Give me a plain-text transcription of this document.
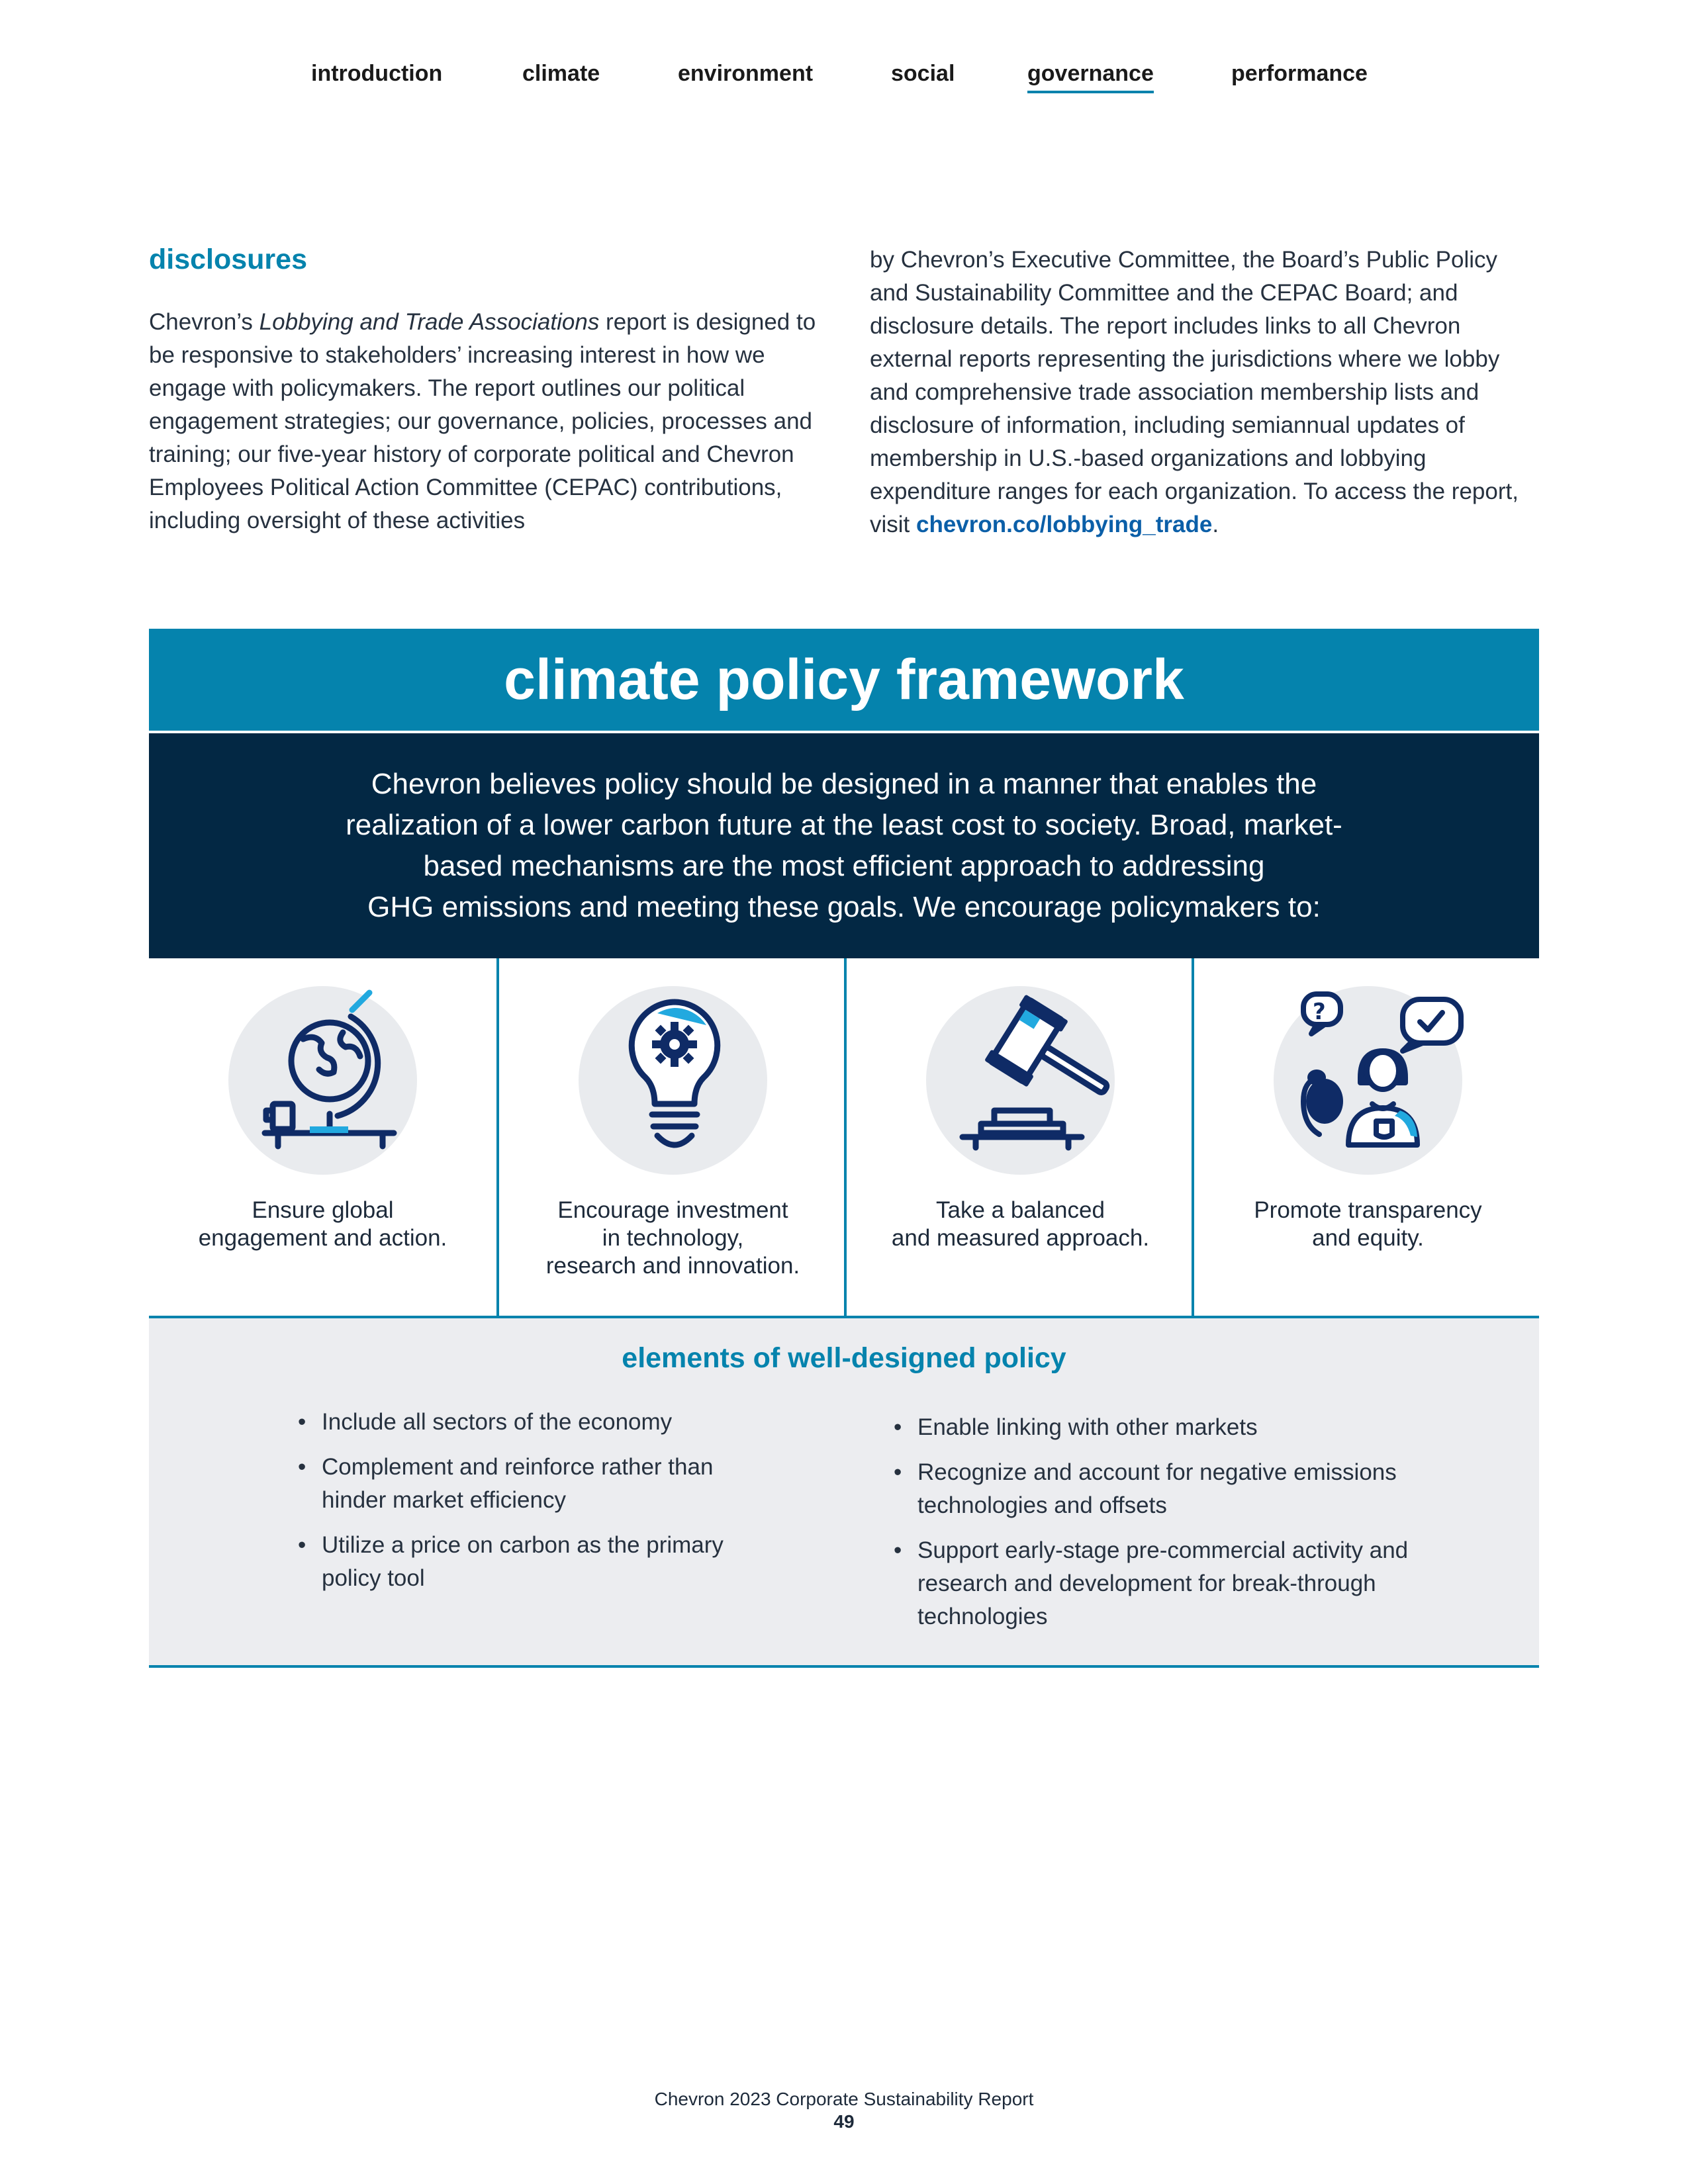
introduction	climate	environment	social	governance	performance
disclosures

Chevron’s Lobbying and Trade Associations report is designed to be responsive to stakeholders’ increasing interest in how we engage with policymakers. The report outlines our political engagement strategies; our governance, policies, processes and training; our five-year history of corporate political and Chevron Employees Political Action Committee (CEPAC) contributions, including oversight of these activities

by Chevron’s Executive Committee, the Board’s Public Policy and Sustainability Committee and the CEPAC Board; and disclosure details. The report includes links to all Chevron external reports representing the jurisdictions where we lobby and comprehensive trade association membership lists and disclosure of information, including semiannual updates of membership in U.S.-based organizations and lobbying expenditure ranges for each organization. To access the report, visit chevron.co/lobbying_trade.

climate policy framework

Chevron believes policy should be designed in a manner that enables the
realization of a lower carbon future at the least cost to society. Broad, market-
based mechanisms are the most efficient approach to addressing
GHG emissions and meeting these goals. We encourage policymakers to:

Ensure global
engagement and action.
Encourage investment
in technology,
research and innovation.
Take a balanced
and measured approach.
?
Promote transparency
and equity.
elements of well-designed policy
• Include all sectors of the economy
• Complement and reinforce rather than hinder market efficiency
• Utilize a price on carbon as the primary policy tool
• Enable linking with other markets
• Recognize and account for negative emissions technologies and offsets
• Support early-stage pre-commercial activity and research and development for break-through technologies
Chevron 2023 Corporate Sustainability Report
49
